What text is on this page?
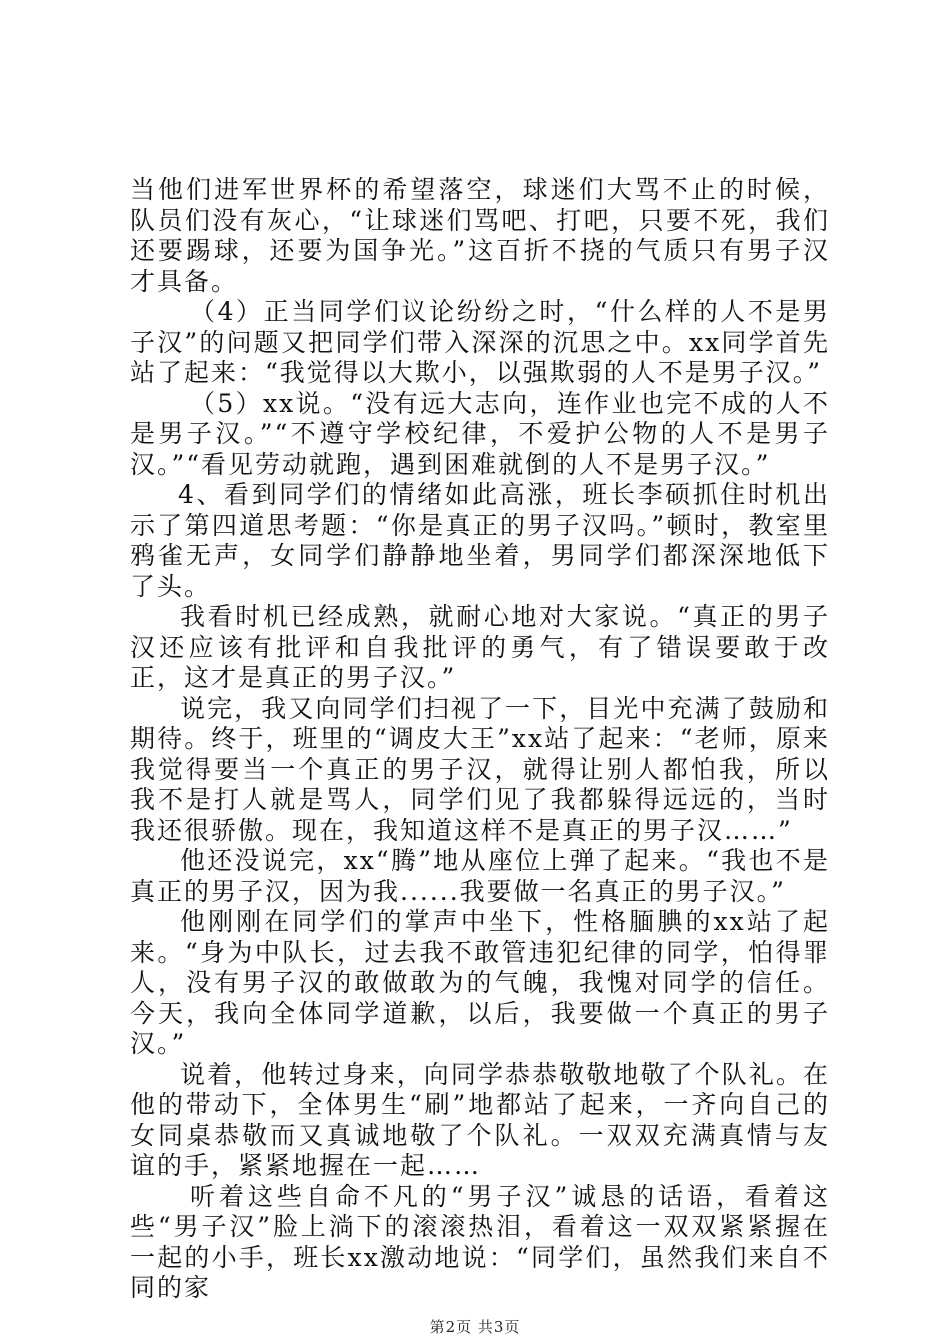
当他们进军世界杯的希望落空，球迷们大骂不止的时候，队员们没有灰心，“让球迷们骂吧、打吧，只要不死，我们还要踢球，还要为国争光。”这百折不挠的气质只有男子汉才具备。

（4）正当同学们议论纷纷之时，“什么样的人不是男子汉”的问题又把同学们带入深深的沉思之中。xx同学首先站了起来：“我觉得以大欺小，以强欺弱的人不是男子汉。”

（5）xx说。“没有远大志向，连作业也完不成的人不是男子汉。”“不遵守学校纪律，不爱护公物的人不是男子汉。”“看见劳动就跑，遇到困难就倒的人不是男子汉。”

4、看到同学们的情绪如此高涨，班长李硕抓住时机出示了第四道思考题：“你是真正的男子汉吗。”顿时，教室里鸦雀无声，女同学们静静地坐着，男同学们都深深地低下了头。

我看时机已经成熟，就耐心地对大家说。“真正的男子汉还应该有批评和自我批评的勇气，有了错误要敢于改正，这才是真正的男子汉。”

说完，我又向同学们扫视了一下，目光中充满了鼓励和期待。终于，班里的“调皮大王”xx站了起来：“老师，原来我觉得要当一个真正的男子汉，就得让别人都怕我，所以我不是打人就是骂人，同学们见了我都躲得远远的，当时我还很骄傲。现在，我知道这样不是真正的男子汉……”

他还没说完，xx“腾”地从座位上弹了起来。“我也不是真正的男子汉，因为我......我要做一名真正的男子汉。”

他刚刚在同学们的掌声中坐下，性格腼腆的xx站了起来。“身为中队长，过去我不敢管违犯纪律的同学，怕得罪人，没有男子汉的敢做敢为的气魄，我愧对同学的信任。今天，我向全体同学道歉，以后，我要做一个真正的男子汉。”

说着，他转过身来，向同学恭恭敬敬地敬了个队礼。在他的带动下，全体男生“刷”地都站了起来，一齐向自己的女同桌恭敬而又真诚地敬了个队礼。一双双充满真情与友谊的手，紧紧地握在一起……

听着这些自命不凡的“男子汉”诚恳的话语，看着这些“男子汉”脸上淌下的滚滚热泪，看着这一双双紧紧握在一起的小手，班长xx激动地说：“同学们，虽然我们来自不同的家

第2页 共3页
